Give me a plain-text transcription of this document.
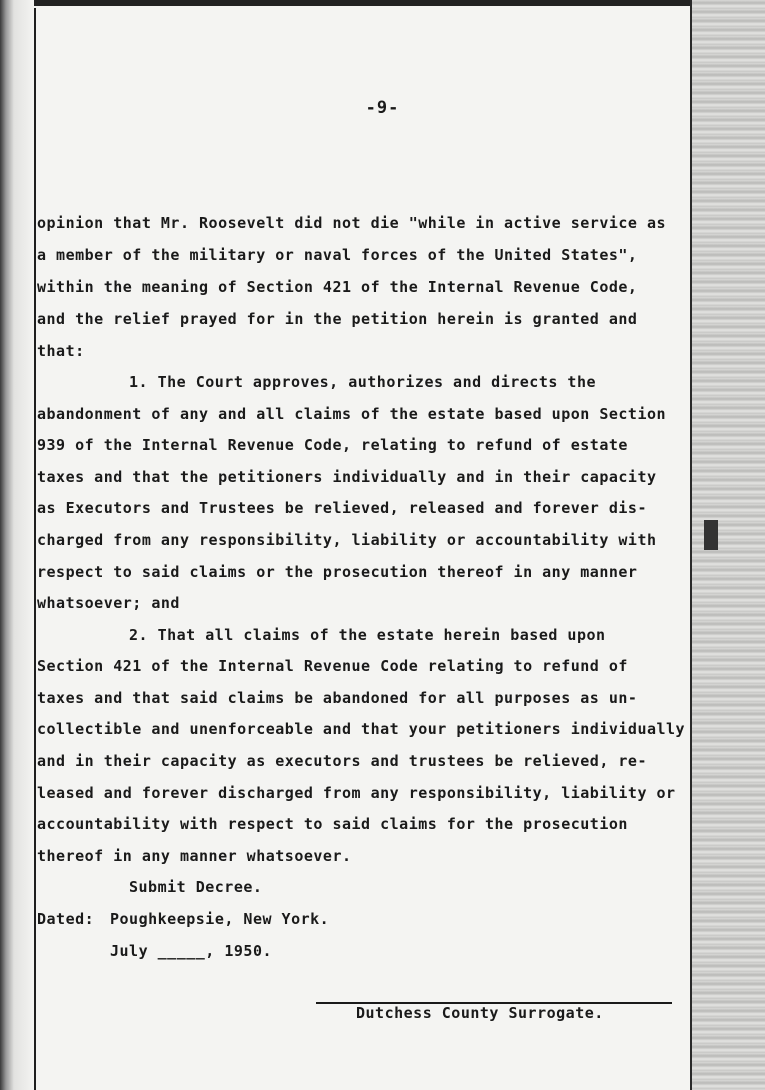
-9-

opinion that Mr. Roosevelt did not die "while in active service as

a member of the military or naval forces of the United States",

within the meaning of Section 421 of the Internal Revenue Code,

and the relief prayed for in the petition herein is granted and

that:

1. The Court approves, authorizes and directs the

abandonment of any and all claims of the estate based upon Section

939 of the Internal Revenue Code, relating to refund of estate

taxes and that the petitioners individually and in their capacity

as Executors and Trustees be relieved, released and forever dis-

charged from any responsibility, liability or accountability with

respect to said claims or the prosecution thereof in any manner

whatsoever; and

2. That all claims of the estate herein based upon

Section 421 of the Internal Revenue Code relating to refund of

taxes and that said claims be abandoned for all purposes as un-

collectible and unenforceable and that your petitioners individually

and in their capacity as executors and trustees be relieved, re-

leased and forever discharged from any responsibility, liability or

accountability with respect to said claims for the prosecution

thereof in any manner whatsoever.

Submit Decree.

Dated: Poughkeepsie, New York.

July _____, 1950.

Dutchess County Surrogate.
